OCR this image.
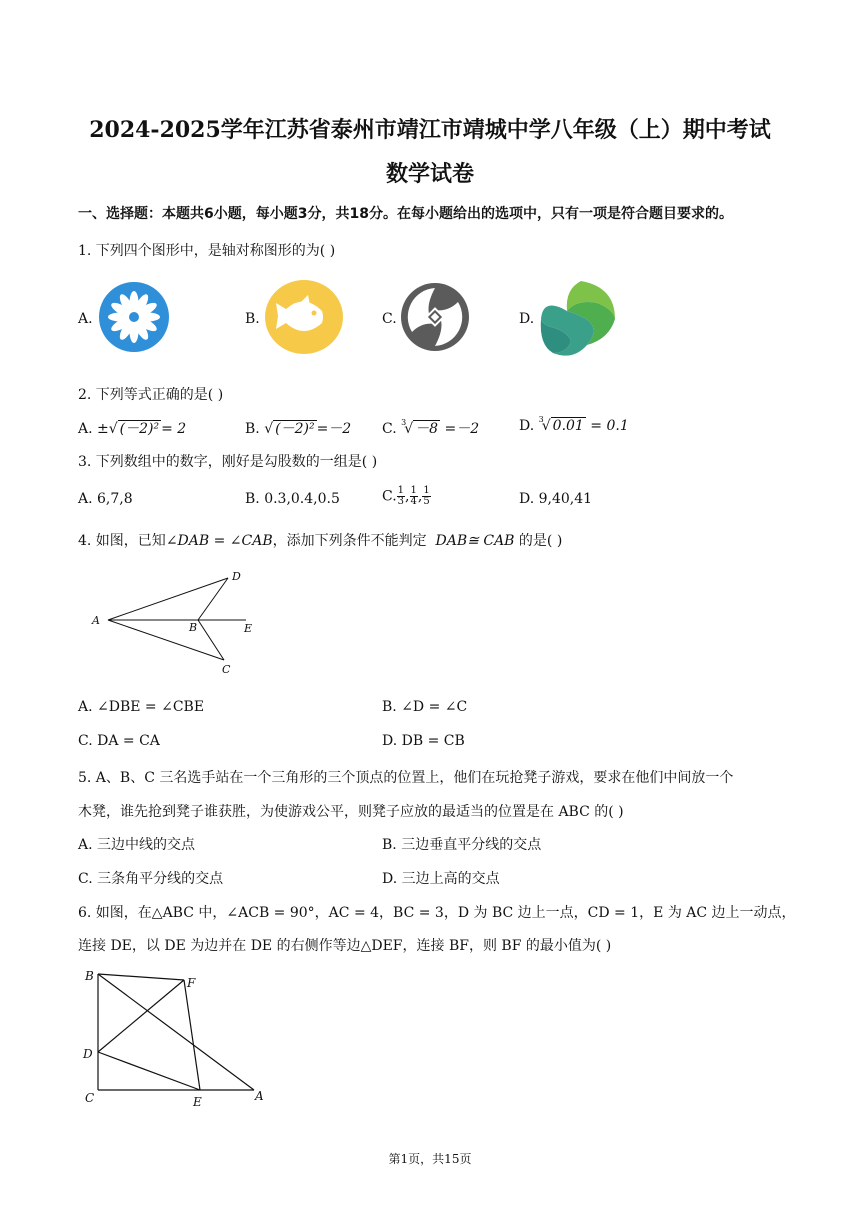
2024-2025学年江苏省泰州市靖江市靖城中学八年级（上）期中考试
数学试卷
一、选择题：本题共6小题，每小题3分，共18分。在每小题给出的选项中，只有一项是符合题目要求的。
1. 下列四个图形中，是轴对称图形的为( )
A.	B.	C.	D.
2. 下列等式正确的是( )
A. ±√ (－2)²= 2	B. √ (－2)²=－2 C. $^3$√ －8 =－2	D. $^3$√ 0.01 = 0.1
3. 下列数组中的数字，刚好是勾股数的一组是( )
A. 6,7,8	B. 0.3,0.4,0.5	C. $\frac{1}{3}$ , $\frac{1}{4}$ , $\frac{1}{5}$	D. 9,40,41
4. 如图，已知∠DAB = ∠CAB，添加下列条件不能判定 DAB≅ CAB 的是( )
D
A
B	E
C
A. ∠DBE = ∠CBE	B. ∠D = ∠C
C. DA = CA	D. DB = CB
5. A、B、C 三名选手站在一个三角形的三个顶点的位置上，他们在玩抢凳子游戏，要求在他们中间放一个
木凳，谁先抢到凳子谁获胜，为使游戏公平，则凳子应放的最适当的位置是在 ABC 的( )
A. 三边中线的交点	B. 三边垂直平分线的交点
C. 三条角平分线的交点	D. 三边上高的交点
6. 如图，在△ABC 中，∠ACB = 90°，AC = 4，BC = 3，D 为 BC 边上一点，CD = 1，E 为 AC 边上一动点，
连接 DE，以 DE 为边并在 DE 的右侧作等边△DEF，连接 BF，则 BF 的最小值为( )
B	F
D
C	E	A
第1页，共15页
